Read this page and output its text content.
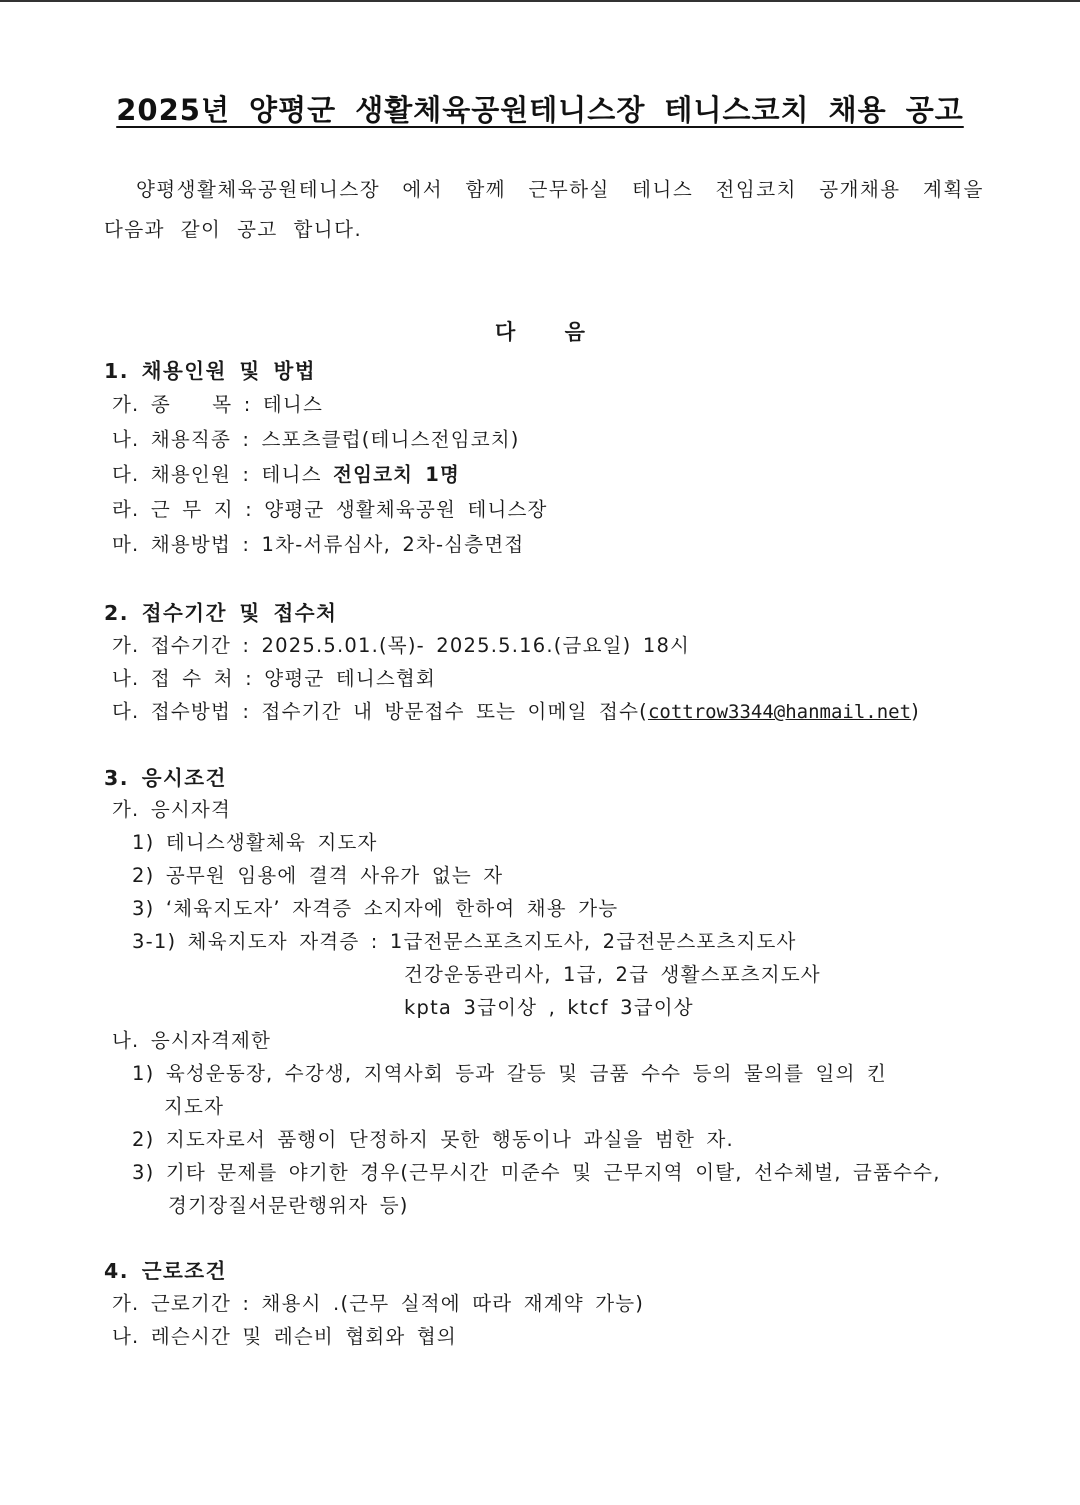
2025년 양평군 생활체육공원테니스장 테니스코치 채용 공고
양평생활체육공원테니스장 에서 함께 근무하실 테니스 전임코치 공개채용 계획을
다음과 같이 공고 합니다.
다 음
1. 채용인원 및 방법
가. 종　　목 : 테니스
나. 채용직종 : 스포츠클럽(테니스전임코치)
다. 채용인원 : 테니스 전임코치 1명
라. 근 무 지 : 양평군 생활체육공원 테니스장
마. 채용방법 : 1차-서류심사, 2차-심층면접
2. 접수기간 및 접수처
가. 접수기간 : 2025.5.01.(목)- 2025.5.16.(금요일) 18시
나. 접 수 처 : 양평군 테니스협회
다. 접수방법 : 접수기간 내 방문접수 또는 이메일 접수(cottrow3344@hanmail.net)
3. 응시조건
가. 응시자격
1) 테니스생활체육 지도자
2) 공무원 임용에 결격 사유가 없는 자
3) ‘체육지도자’ 자격증 소지자에 한하여 채용 가능
3-1) 체육지도자 자격증 : 1급전문스포츠지도사, 2급전문스포츠지도사
건강운동관리사, 1급, 2급 생활스포츠지도사
kpta 3급이상 , ktcf 3급이상
나. 응시자격제한
1) 육성운동장, 수강생, 지역사회 등과 갈등 및 금품 수수 등의 물의를 일의 킨
지도자
2) 지도자로서 품행이 단정하지 못한 행동이나 과실을 범한 자.
3) 기타 문제를 야기한 경우(근무시간 미준수 및 근무지역 이탈, 선수체벌, 금품수수,
경기장질서문란행위자 등)
4. 근로조건
가. 근로기간 : 채용시 .(근무 실적에 따라 재계약 가능)
나. 레슨시간 및 레슨비 협회와 협의
